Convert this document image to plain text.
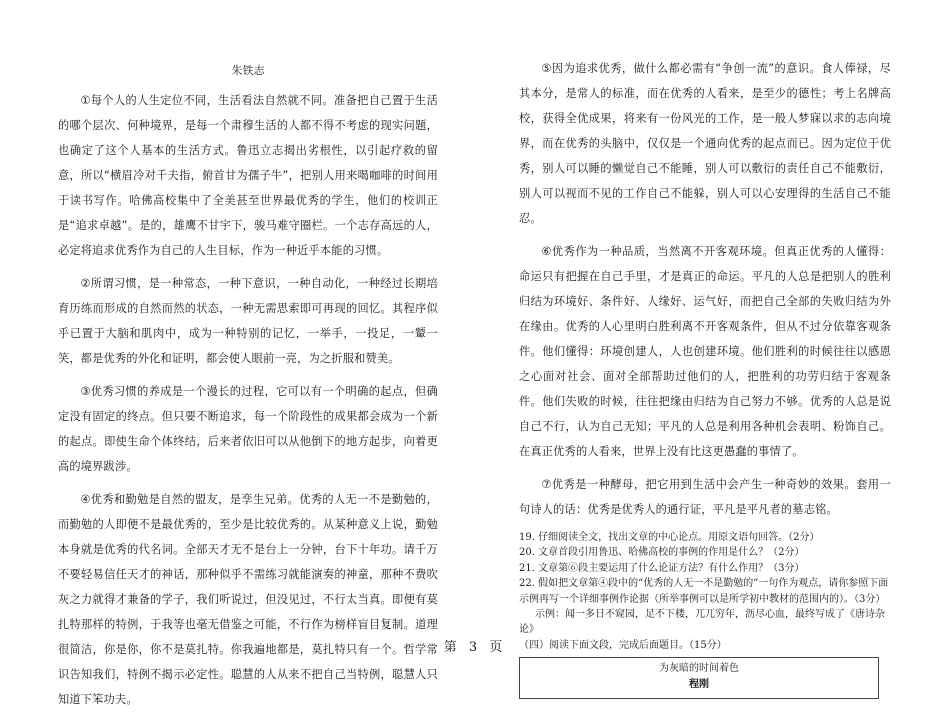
朱铁志

①每个人的人生定位不同，生活看法自然就不同。准备把自己置于生活的哪个层次、何种境界，是每一个肃穆生活的人都不得不考虑的现实问题，也确定了这个人基本的生活方式。鲁迅立志揭出劣根性，以引起疗救的留意，所以“横眉冷对千夫指，俯首甘为孺子牛”，把别人用来喝咖啡的时间用于读书写作。哈佛高校集中了全美甚至世界最优秀的学生，他们的校训正是“追求卓越”。是的，雄鹰不甘宇下，骏马难守圈栏。一个志存高远的人，必定将追求优秀作为自己的人生目标，作为一种近乎本能的习惯。

②所谓习惯，是一种常态，一种下意识，一种自动化，一种经过长期培育历练而形成的自然而然的状态，一种无需思索即可再现的回忆。其程序似乎已置于大脑和肌肉中，成为一种特别的记忆，一举手，一投足，一颦一笑，都是优秀的外化和证明，都会使人眼前一亮，为之折服和赞美。

③优秀习惯的养成是一个漫长的过程，它可以有一个明确的起点，但确定没有固定的终点。但只要不断追求，每一个阶段性的成果都会成为一个新的起点。即使生命个体终结，后来者依旧可以从他倒下的地方起步，向着更高的境界跋涉。

④优秀和勤勉是自然的盟友，是孪生兄弟。优秀的人无一不是勤勉的，而勤勉的人即便不是最优秀的，至少是比较优秀的。从某种意义上说，勤勉本身就是优秀的代名词。全部天才无不是台上一分钟，台下十年功。请千万不要轻易信任天才的神话，那种似乎不需练习就能演奏的神童，那种不费吹灰之力就得才兼备的学子，我们听说过，但没见过，不行太当真。即便有莫扎特那样的特例，于我等也毫无借鉴之可能，不行作为榜样盲目复制。道理很简洁，你是你，你不是莫扎特。你我遍地都是，莫扎特只有一个。哲学常识告知我们，特例不揭示必定性。聪慧的人从来不把自己当特例，聪慧人只知道下笨功夫。

⑤因为追求优秀，做什么都必需有“争创一流”的意识。食人俸禄，尽其本分，是常人的标准，而在优秀的人看来，是至少的德性；考上名牌高校，获得全优成果，将来有一份风光的工作，是一般人梦寐以求的志向境界，而在优秀的头脑中，仅仅是一个通向优秀的起点而已。因为定位于优秀，别人可以睡的懒觉自己不能睡，别人可以敷衍的责任自己不能敷衍，别人可以视而不见的工作自己不能躲，别人可以心安理得的生活自己不能忍。

⑥优秀作为一种品质，当然离不开客观环境。但真正优秀的人懂得：命运只有把握在自己手里，才是真正的命运。平凡的人总是把别人的胜利归结为环境好、条件好、人缘好、运气好，而把自己全部的失败归结为外在缘由。优秀的人心里明白胜利离不开客观条件，但从不过分依靠客观条件。他们懂得：环境创建人，人也创建环境。他们胜利的时候往往以感恩之心面对社会、面对全部帮助过他们的人，把胜利的功劳归结于客观条件。他们失败的时候，往往把缘由归结为自己努力不够。优秀的人总是说自己不行，认为自己无知；平凡的人总是利用各种机会表明、粉饰自己。在真正优秀的人看来，世界上没有比这更愚蠢的事情了。

⑦优秀是一种酵母，把它用到生活中会产生一种奇妙的效果。套用一句诗人的话：优秀是优秀人的通行证，平凡是平凡者的墓志铭。

19. 仔细阅读全文，找出文章的中心论点。用原文语句回答。（2分）

20. 文章首段引用鲁迅、哈佛高校的事例的作用是什么？（2分）

21. 文章第⑥段主要运用了什么论证方法？有什么作用？（3分）

22. 假如把文章第④段中的“优秀的人无一不是勤勉的”一句作为观点，请你参照下面示例再写一个详细事例作论据（所举事例可以是所学初中教材的范围内的）。（3分）

示例：闻一多日不窥园，足不下楼，兀兀穷年，沥尽心血，最终写成了《唐诗杂论》

（四）阅读下面文段，完成后面题目。（15分）

为灰暗的时间着色
程刚
第 3 页
